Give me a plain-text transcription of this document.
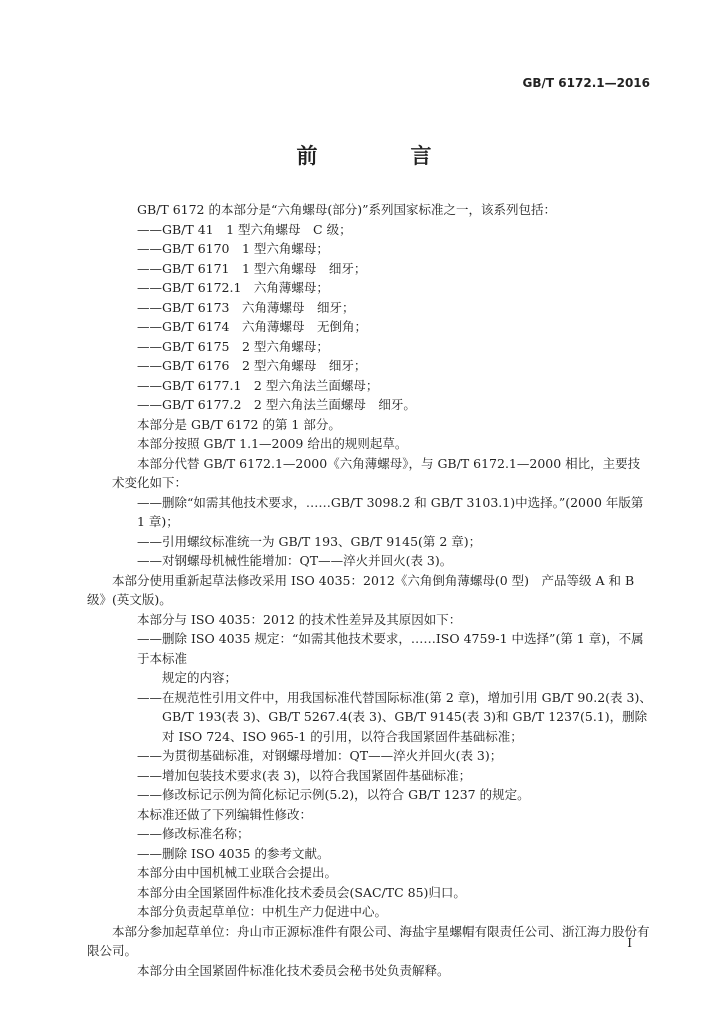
GB/T 6172.1—2016
前　言
GB/T 6172 的本部分是“六角螺母(部分)”系列国家标准之一，该系列包括：
——GB/T 41　1 型六角螺母　C 级；
——GB/T 6170　1 型六角螺母；
——GB/T 6171　1 型六角螺母　细牙；
——GB/T 6172.1　六角薄螺母；
——GB/T 6173　六角薄螺母　细牙；
——GB/T 6174　六角薄螺母　无倒角；
——GB/T 6175　2 型六角螺母；
——GB/T 6176　2 型六角螺母　细牙；
——GB/T 6177.1　2 型六角法兰面螺母；
——GB/T 6177.2　2 型六角法兰面螺母　细牙。
本部分是 GB/T 6172 的第 1 部分。
本部分按照 GB/T 1.1—2009 给出的规则起草。
本部分代替 GB/T 6172.1—2000《六角薄螺母》，与 GB/T 6172.1—2000 相比，主要技术变化如下：
——删除“如需其他技术要求，……GB/T 3098.2 和 GB/T 3103.1)中选择。”(2000 年版第 1 章)；
——引用螺纹标准统一为 GB/T 193、GB/T 9145(第 2 章)；
——对钢螺母机械性能增加：QT——淬火并回火(表 3)。
本部分使用重新起草法修改采用 ISO 4035：2012《六角倒角薄螺母(0 型)　产品等级 A 和 B 级》(英文版)。
本部分与 ISO 4035：2012 的技术性差异及其原因如下：
——删除 ISO 4035 规定：“如需其他技术要求，……ISO 4759-1 中选择”(第 1 章)，不属于本标准
规定的内容；
——在规范性引用文件中，用我国标准代替国际标准(第 2 章)，增加引用 GB/T 90.2(表 3)、
GB/T 193(表 3)、GB/T 5267.4(表 3)、GB/T 9145(表 3)和 GB/T 1237(5.1)，删除对 ISO 724、ISO 965-1 的引用，以符合我国紧固件基础标准；
——为贯彻基础标准，对钢螺母增加：QT——淬火并回火(表 3)；
——增加包装技术要求(表 3)，以符合我国紧固件基础标准；
——修改标记示例为简化标记示例(5.2)，以符合 GB/T 1237 的规定。
本标准还做了下列编辑性修改：
——修改标准名称；
——删除 ISO 4035 的参考文献。
本部分由中国机械工业联合会提出。
本部分由全国紧固件标准化技术委员会(SAC/TC 85)归口。
本部分负责起草单位：中机生产力促进中心。
本部分参加起草单位：舟山市正源标准件有限公司、海盐宇星螺帽有限责任公司、浙江海力股份有限公司。
本部分由全国紧固件标准化技术委员会秘书处负责解释。
I
